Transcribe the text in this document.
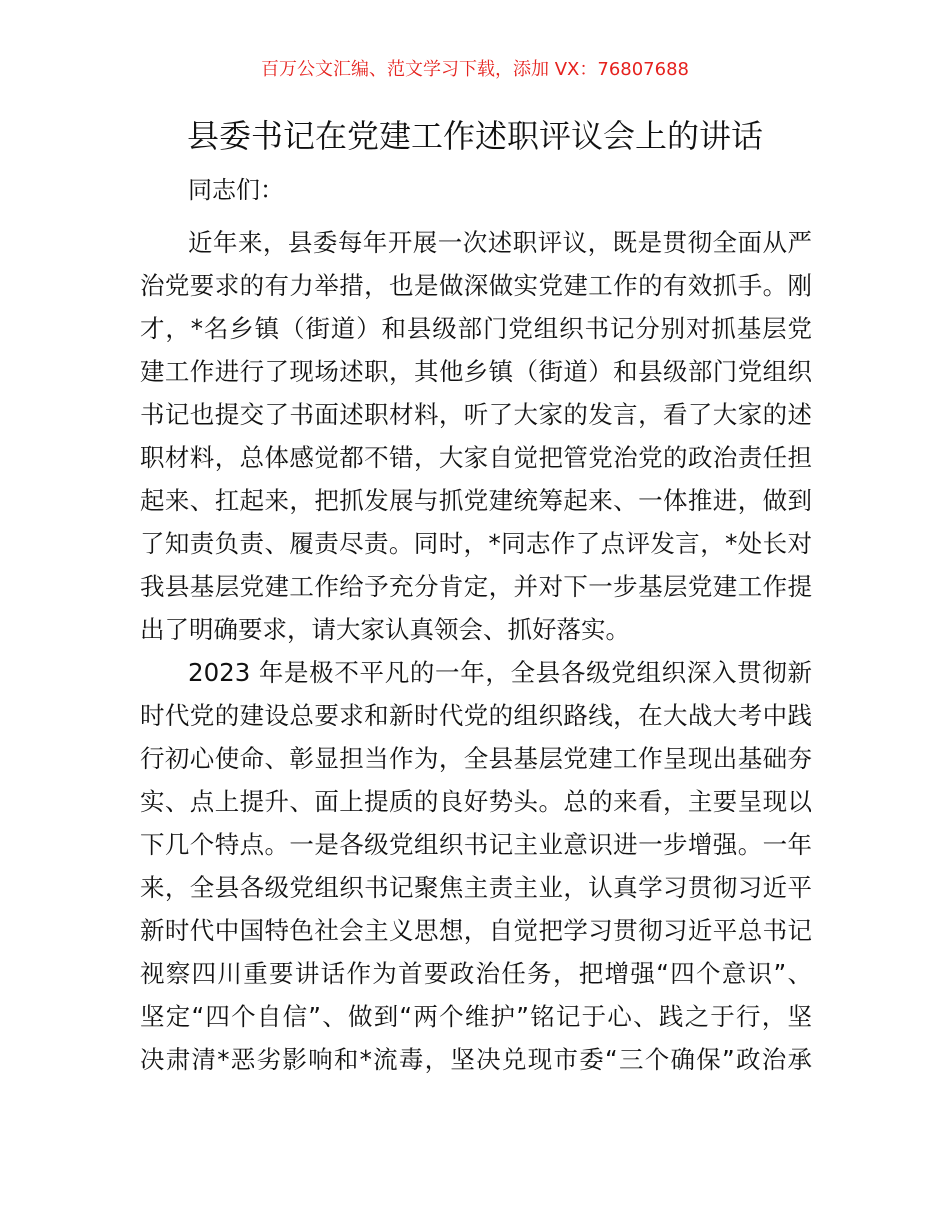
百万公文汇编、范文学习下载，添加 VX：76807688
县委书记在党建工作述职评议会上的讲话
同志们：
近年来，县委每年开展一次述职评议，既是贯彻全面从严
治党要求的有力举措，也是做深做实党建工作的有效抓手。刚
才，*名乡镇（街道）和县级部门党组织书记分别对抓基层党
建工作进行了现场述职，其他乡镇（街道）和县级部门党组织
书记也提交了书面述职材料，听了大家的发言，看了大家的述
职材料，总体感觉都不错，大家自觉把管党治党的政治责任担
起来、扛起来，把抓发展与抓党建统筹起来、一体推进，做到
了知责负责、履责尽责。同时，*同志作了点评发言，*处长对
我县基层党建工作给予充分肯定，并对下一步基层党建工作提
出了明确要求，请大家认真领会、抓好落实。
2023 年是极不平凡的一年，全县各级党组织深入贯彻新
时代党的建设总要求和新时代党的组织路线，在大战大考中践
行初心使命、彰显担当作为，全县基层党建工作呈现出基础夯
实、点上提升、面上提质的良好势头。总的来看，主要呈现以
下几个特点。一是各级党组织书记主业意识进一步增强。一年
来，全县各级党组织书记聚焦主责主业，认真学习贯彻习近平
新时代中国特色社会主义思想，自觉把学习贯彻习近平总书记
视察四川重要讲话作为首要政治任务，把增强“四个意识”、
坚定“四个自信”、做到“两个维护”铭记于心、践之于行，坚
决肃清*恶劣影响和*流毒，坚决兑现市委“三个确保”政治承
